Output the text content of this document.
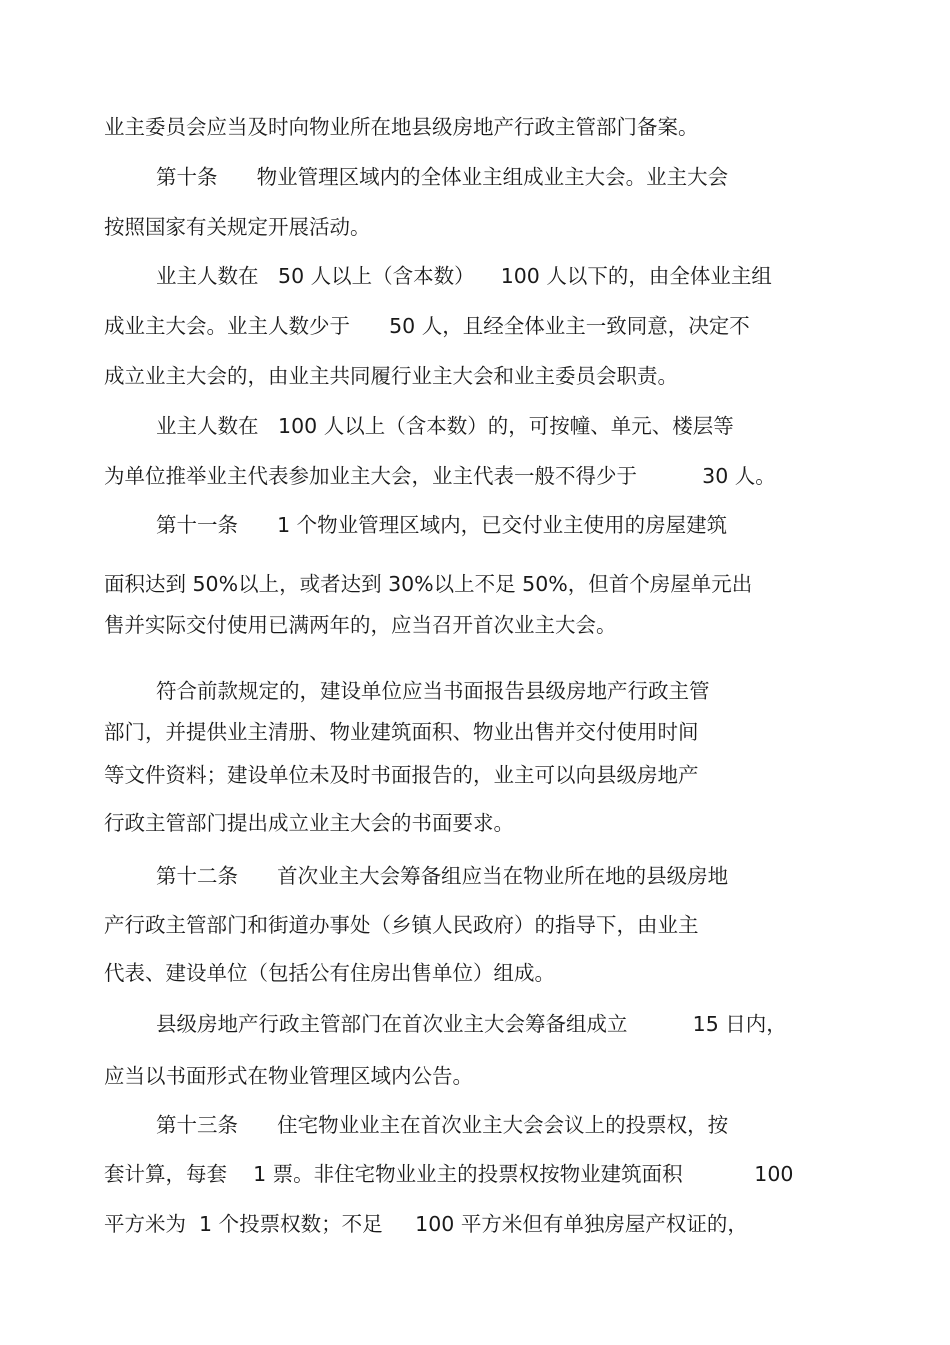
业主委员会应当及时向物业所在地县级房地产行政主管部门备案。

第十条      物业管理区域内的全体业主组成业主大会。业主大会

按照国家有关规定开展活动。

业主人数在   50 人以上（含本数）    100 人以下的，由全体业主组

成业主大会。业主人数少于      50 人，且经全体业主一致同意，决定不

成立业主大会的，由业主共同履行业主大会和业主委员会职责。

业主人数在   100 人以上（含本数）的，可按幢、单元、楼层等

为单位推举业主代表参加业主大会，业主代表一般不得少于          30 人。

第十一条      1 个物业管理区域内，已交付业主使用的房屋建筑

面积达到 50%以上，或者达到 30%以上不足 50%，但首个房屋单元出

售并实际交付使用已满两年的，应当召开首次业主大会。

符合前款规定的，建设单位应当书面报告县级房地产行政主管

部门，并提供业主清册、物业建筑面积、物业出售并交付使用时间

等文件资料；建设单位未及时书面报告的，业主可以向县级房地产

行政主管部门提出成立业主大会的书面要求。

第十二条      首次业主大会筹备组应当在物业所在地的县级房地

产行政主管部门和街道办事处（乡镇人民政府）的指导下，由业主

代表、建设单位（包括公有住房出售单位）组成。

县级房地产行政主管部门在首次业主大会筹备组成立          15 日内，

应当以书面形式在物业管理区域内公告。

第十三条      住宅物业业主在首次业主大会会议上的投票权，按

套计算，每套    1 票。非住宅物业业主的投票权按物业建筑面积           100

平方米为  1 个投票权数；不足     100 平方米但有单独房屋产权证的，
